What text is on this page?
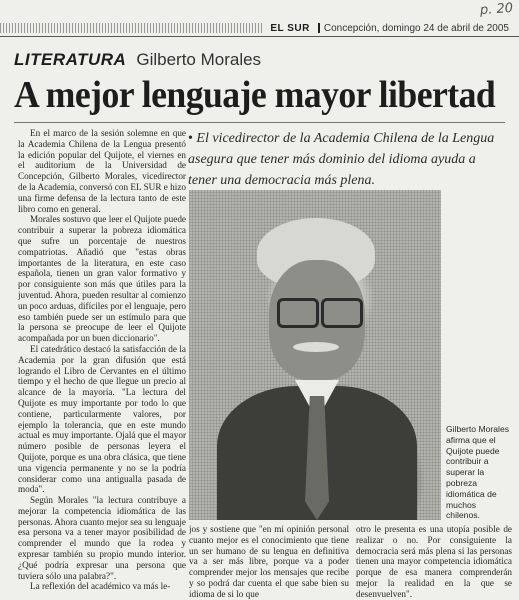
p. 20
EL SUR Concepción, domingo 24 de abril de 2005
LITERATURA Gilberto Morales
A mejor lenguaje mayor libertad
• El vicedirector de la Academia Chilena de la Lengua asegura que tener más dominio del idioma ayuda a tener una democracia más plena.

En el marco de la sesión solemne en que la Academia Chilena de la Lengua presentó la edición popular del Quijote, el viernes en el auditorium de la Universidad de Concepción, Gilberto Morales, vicedirector de la Academia, conversó con EL SUR e hizo una firme defensa de la lectura tanto de este libro como en general.

Morales sostuvo que leer el Quijote puede contribuir a superar la pobreza idiomática que sufre un porcentaje de nuestros compatriotas. Añadió que "estas obras importantes de la literatura, en este caso española, tienen un gran valor formativo y por consiguiente son más que útiles para la juventud. Ahora, pueden resultar al comienzo un poco arduas, difíciles por el lenguaje, pero eso también puede ser un estímulo para que la persona se preocupe de leer el Quijote acompañada por un buen diccionario".

El catedrático destacó la satisfacción de la Academia por la gran difusión que está logrando el Libro de Cervantes en el último tiempo y el hecho de que llegue un precio al alcance de la mayoría. "La lectura del Quijote es muy importante por todo lo que contiene, particularmente valores, por ejemplo la tolerancia, que en este mundo actual es muy importante. Ojalá que el mayor número posible de personas leyera el Quijote, porque es una obra clásica, que tiene una vigencia permanente y no se la podría considerar como una antigualla pasada de moda".

Según Morales "la lectura contribuye a mejorar la competencia idiomática de las personas. Ahora cuanto mejor sea su lenguaje esa persona va a tener mayor posibilidad de comprender el mundo que la rodea y expresar también su propio mundo interior. ¿Qué podría expresar una persona que tuviera sólo una palabra?".

La reflexión del académico va más le-

Gilberto Morales afirma que el Quijote puede contribuir a superar la pobreza idiomática de muchos chilenos.

jos y sostiene que "en mi opinión personal cuanto mejor es el conocimiento que tiene un ser humano de su lengua en definitiva va a ser más libre, porque va a poder comprender mejor los mensajes que recibe y so podrá dar cuenta el que sabe bien su idioma de si lo que

otro le presenta es una utopía posible de realizar o no. Por consiguiente la democracia será más plena si las personas tienen una mayor competencia idiomática porque de esa manera comprenderán mejor la realidad en la que se desenvuelven".
